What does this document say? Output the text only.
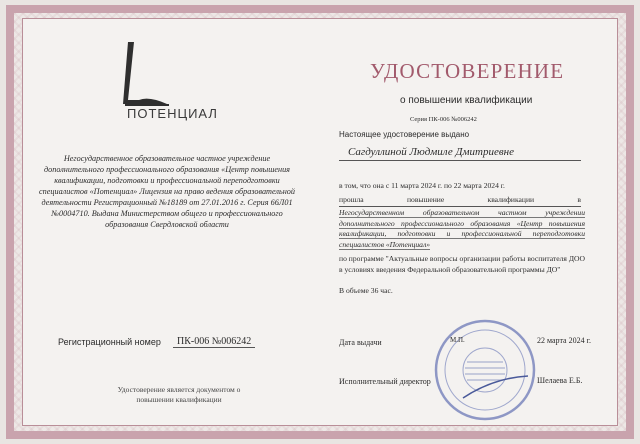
ПОТЕНЦИАЛ
УДОСТОВЕРЕНИЕ
о повышении квалификации
Серия ПК-006 №006242
Настоящее удостоверение выдано
Сагдуллиной Людмиле Дмитриевне
Негосударственное образовательное частное учреждение дополнительного профессионального образования «Центр повышения квалификации, подготовки и профессиональной переподготовки специалистов «Потенциал» Лицензия на право ведения образовательной деятельности Регистрационный №18189 от 27.01.2016 г. Серия 66Л01 №0004710. Выдана Министерством общего и профессионального образования Свердловской области
в том, что она с 11 марта 2024 г. по 22 марта 2024 г.
прошла	повышение	квалификации	в
Негосударственном образовательном частном учреждении дополнительного профессионального образования «Центр повышения квалификации, подготовки и профессиональной переподготовки специалистов «Потенциал»
по программе "Актуальные вопросы организации работы воспитателя ДОО в условиях введения Федеральной образовательной программы ДО"
В объеме 36 час.
Регистрационный номер	ПК-006 №006242	Дата выдачи	22 марта 2024 г.
Исполнительный директор	Шелаева Е.Б.
М.П.
Удостоверение является документом о повышении квалификации
